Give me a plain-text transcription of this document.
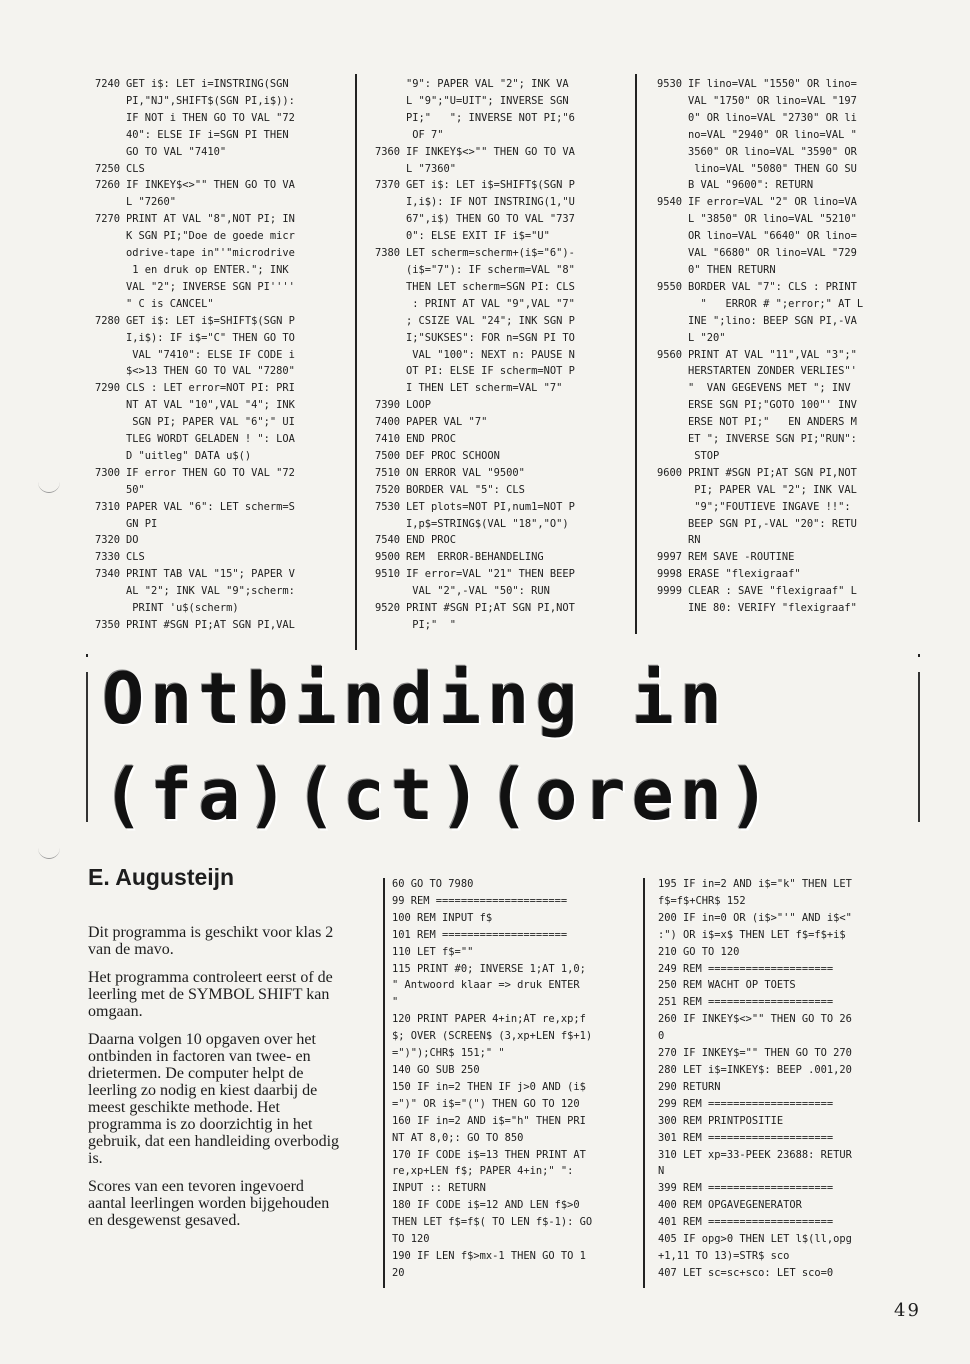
7240 GET i$: LET i=INSTRING(SGN
PI,"NJ",SHIFT$(SGN PI,i$)):
IF NOT i THEN GO TO VAL "72
40": ELSE IF i=SGN PI THEN
GO TO VAL "7410"
7250 CLS
7260 IF INKEY$<>"" THEN GO TO VA
L "7260"
7270 PRINT AT VAL "8",NOT PI; IN
K SGN PI;"Doe de goede micr
odrive-tape in"'"microdrive
1 en druk op ENTER."; INK
VAL "2"; INVERSE SGN PI''''
" C is CANCEL"
7280 GET i$: LET i$=SHIFT$(SGN P
I,i$): IF i$="C" THEN GO TO
VAL "7410": ELSE IF CODE i
$<>13 THEN GO TO VAL "7280"
7290 CLS : LET error=NOT PI: PRI
NT AT VAL "10",VAL "4"; INK
SGN PI; PAPER VAL "6";" UI
TLEG WORDT GELADEN ! ": LOA
D "uitleg" DATA u$()
7300 IF error THEN GO TO VAL "72
50"
7310 PAPER VAL "6": LET scherm=S
GN PI
7320 DO
7330 CLS
7340 PRINT TAB VAL "15"; PAPER V
AL "2"; INK VAL "9";scherm:
PRINT 'u$(scherm)
7350 PRINT #SGN PI;AT SGN PI,VAL
"9": PAPER VAL "2"; INK VA
L "9";"U=UIT"; INVERSE SGN
PI;"   "; INVERSE NOT PI;"6
OF 7"
7360 IF INKEY$<>"" THEN GO TO VA
L "7360"
7370 GET i$: LET i$=SHIFT$(SGN P
I,i$): IF NOT INSTRING(1,"U
67",i$) THEN GO TO VAL "737
0": ELSE EXIT IF i$="U"
7380 LET scherm=scherm+(i$="6")-
(i$="7"): IF scherm=VAL "8"
THEN LET scherm=SGN PI: CLS
: PRINT AT VAL "9",VAL "7"
; CSIZE VAL "24"; INK SGN P
I;"SUKSES": FOR n=SGN PI TO
VAL "100": NEXT n: PAUSE N
OT PI: ELSE IF scherm=NOT P
I THEN LET scherm=VAL "7"
7390 LOOP
7400 PAPER VAL "7"
7410 END PROC
7500 DEF PROC SCHOON
7510 ON ERROR VAL "9500"
7520 BORDER VAL "5": CLS
7530 LET plots=NOT PI,num1=NOT P
I,p$=STRING$(VAL "18","O")
7540 END PROC
9500 REM  ERROR-BEHANDELING
9510 IF error=VAL "21" THEN BEEP
VAL "2",-VAL "50": RUN
9520 PRINT #SGN PI;AT SGN PI,NOT
PI;"  "
9530 IF lino=VAL "1550" OR lino=
VAL "1750" OR lino=VAL "197
0" OR lino=VAL "2730" OR li
no=VAL "2940" OR lino=VAL "
3560" OR lino=VAL "3590" OR
lino=VAL "5080" THEN GO SU
B VAL "9600": RETURN
9540 IF error=VAL "2" OR lino=VA
L "3850" OR lino=VAL "5210"
OR lino=VAL "6640" OR lino=
VAL "6680" OR lino=VAL "729
0" THEN RETURN
9550 BORDER VAL "7": CLS : PRINT
"   ERROR # ";error;" AT L
INE ";lino: BEEP SGN PI,-VA
L "20"
9560 PRINT AT VAL "11",VAL "3";"
HERSTARTEN ZONDER VERLIES"'
"  VAN GEGEVENS MET "; INV
ERSE SGN PI;"GOTO 100"' INV
ERSE NOT PI;"   EN ANDERS M
ET "; INVERSE SGN PI;"RUN":
STOP
9600 PRINT #SGN PI;AT SGN PI,NOT
PI; PAPER VAL "2"; INK VAL
"9";"FOUTIEVE INGAVE !!":
BEEP SGN PI,-VAL "20": RETU
RN
9997 REM SAVE -ROUTINE
9998 ERASE "flexigraaf"
9999 CLEAR : SAVE "flexigraaf" L
INE 80: VERIFY "flexigraaf"
Ontbinding in (fa)(ct)(oren)
E. Augusteijn

Dit programma is geschikt voor klas 2 van de mavo.

Het programma controleert eerst of de leerling met de SYMBOL SHIFT kan omgaan.

Daarna volgen 10 opgaven over het ontbinden in factoren van twee- en drietermen. De computer helpt de leerling zo nodig en kiest daarbij de meest geschikte methode. Het programma is zo doorzichtig in het gebruik, dat een handleiding overbodig is.

Scores van een tevoren ingevoerd aantal leerlingen worden bijgehouden en desgewenst gesaved.

60 GO TO 7980
99 REM =====================
100 REM INPUT f$
101 REM ====================
110 LET f$=""
115 PRINT #0; INVERSE 1;AT 1,0;
" Antwoord klaar => druk ENTER
"
120 PRINT PAPER 4+in;AT re,xp;f
$; OVER (SCREEN$ (3,xp+LEN f$+1)
=")");CHR$ 151;" "
140 GO SUB 250
150 IF in=2 THEN IF j>0 AND (i$
=")" OR i$="(") THEN GO TO 120
160 IF in=2 AND i$="h" THEN PRI
NT AT 8,0;: GO TO 850
170 IF CODE i$=13 THEN PRINT AT
re,xp+LEN f$; PAPER 4+in;" ":
INPUT :: RETURN
180 IF CODE i$=12 AND LEN f$>0
THEN LET f$=f$( TO LEN f$-1): GO
TO 120
190 IF LEN f$>mx-1 THEN GO TO 1
20
195 IF in=2 AND i$="k" THEN LET
f$=f$+CHR$ 152
200 IF in=0 OR (i$>"'" AND i$<"
:") OR i$=x$ THEN LET f$=f$+i$
210 GO TO 120
249 REM ====================
250 REM WACHT OP TOETS
251 REM ====================
260 IF INKEY$<>"" THEN GO TO 26
0
270 IF INKEY$="" THEN GO TO 270
280 LET i$=INKEY$: BEEP .001,20
290 RETURN
299 REM ====================
300 REM PRINTPOSITIE
301 REM ====================
310 LET xp=33-PEEK 23688: RETUR
N
399 REM ====================
400 REM OPGAVEGENERATOR
401 REM ====================
405 IF opg>0 THEN LET l$(ll,opg
+1,11 TO 13)=STR$ sco
407 LET sc=sc+sco: LET sco=0
49
